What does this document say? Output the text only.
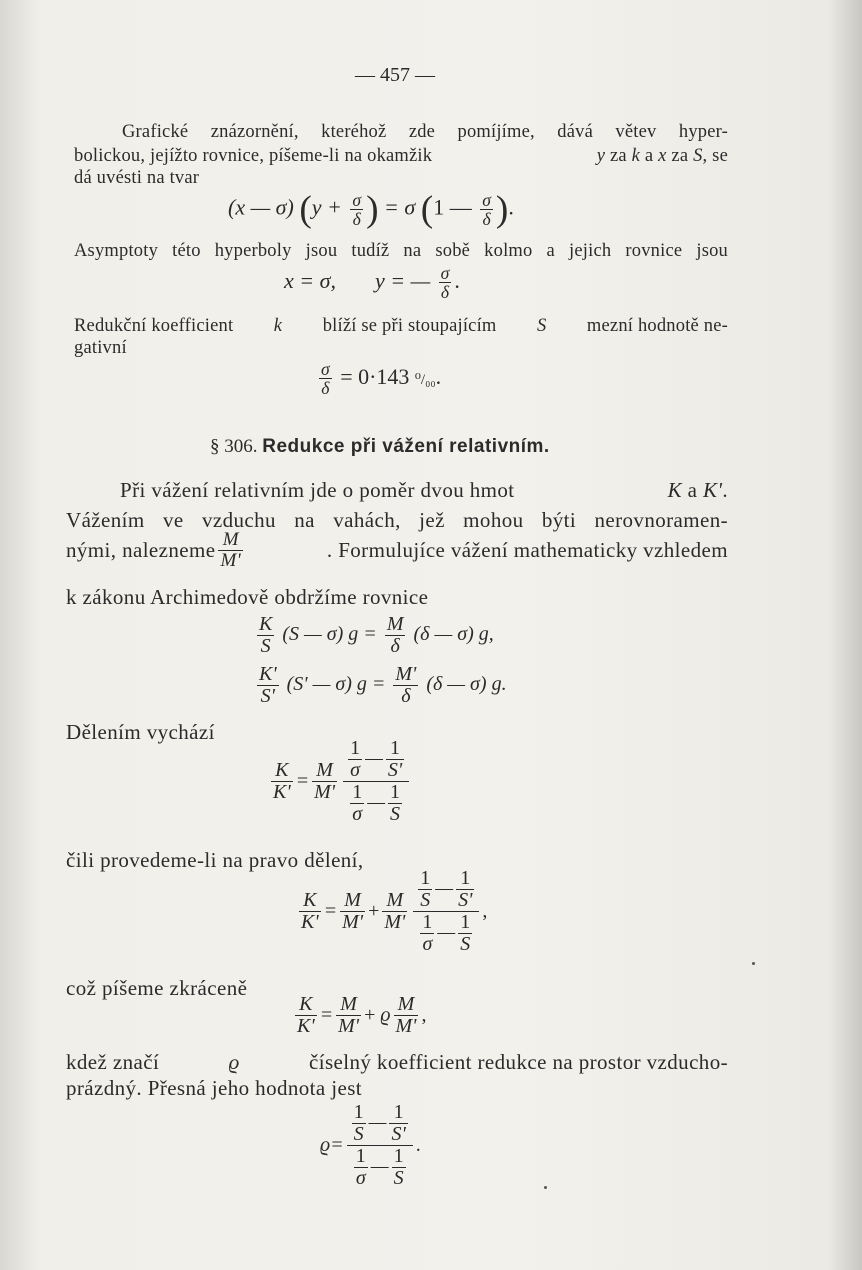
— 457 —
Grafické znázornění, kteréhož zde pomíjíme, dává větev hyper-
bolickou, jejížto rovnice, píšeme-li na okamžik	y za k a x za S, se
dá uvésti na tvar
(x — σ) ($y + \frac{\sigma}{\delta}$ ) = σ (1 — $\frac{\sigma}{\delta}$ ).
Asymptoty této hyperboly jsou tudíž na sobě kolmo a jejich rovnice jsou
x = σ, y = — $\frac{\sigma}{\delta}$ .
Redukční koefficient k blíží se při stoupajícím S mezní hodnotě ne-
gativní
$\frac{\sigma}{\delta} = 0\cdot 143$ ⁰/₀₀.
§ 306. Redukce při vážení relativním.
Při vážení relativním jde o poměr dvou hmot	K a K'.
Vážením ve vzduchu na vahách, jež mohou býti nerovnoramen-
nými, nalezneme $\frac{M}{M'}$	. Formulujíce vážení mathematicky vzhledem
k zákonu Archimedově obdržíme rovnice
$\frac{K}{S} (S$ — σ) $g = \frac{M}{\delta} (\delta$ — σ) g,
$\frac{K'}{S'} (S'$ — σ) $g = \frac{M'}{\delta} (\delta$ — σ) g.
Dělením vychází
$\frac{K}{K'} = \frac{M}{M'} \frac{\frac{1}{\sigma} — \frac{1}{S'}}{\frac{1}{\sigma} — \frac{1}{S}}$
čili provedeme-li na pravo dělení,
$\frac{K}{K'} = \frac{M}{M'} + \frac{M}{M'} \frac{\frac{1}{S} — \frac{1}{S'}}{\frac{1}{\sigma} — \frac{1}{S}}$ ,
což píšeme zkráceně
$\frac{K}{K'} = \frac{M}{M'}$ +
ϱ $\frac{M}{M'}$ ,
kdež značí	ϱ	číselný koefficient redukce na prostor vzducho-
prázdný. Přesná jeho hodnota jest
$ϱ = \frac{\frac{1}{S} — \frac{1}{S'}}{\frac{1}{\sigma} — \frac{1}{S}}$ .
